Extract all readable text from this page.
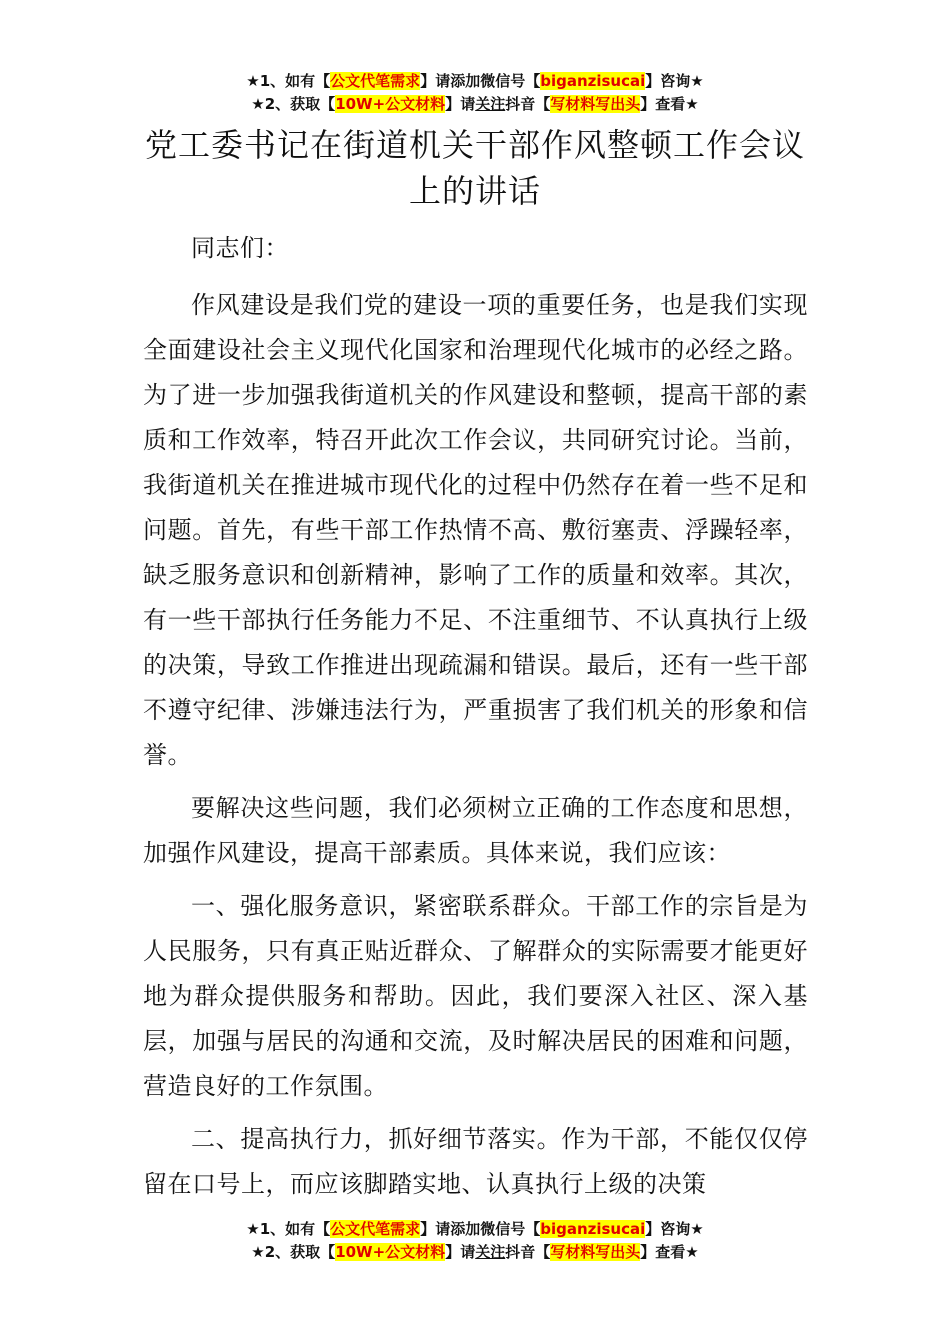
★1、如有【公文代笔需求】请添加微信号【biganzisucai】咨询★
★2、获取【10W+公文材料】请关注抖音【写材料写出头】查看★
党工委书记在街道机关干部作风整顿工作会议上的讲话

同志们：

作风建设是我们党的建设一项的重要任务，也是我们实现全面建设社会主义现代化国家和治理现代化城市的必经之路。为了进一步加强我街道机关的作风建设和整顿，提高干部的素质和工作效率，特召开此次工作会议，共同研究讨论。当前，我街道机关在推进城市现代化的过程中仍然存在着一些不足和问题。首先，有些干部工作热情不高、敷衍塞责、浮躁轻率，缺乏服务意识和创新精神，影响了工作的质量和效率。其次，有一些干部执行任务能力不足、不注重细节、不认真执行上级的决策，导致工作推进出现疏漏和错误。最后，还有一些干部不遵守纪律、涉嫌违法行为，严重损害了我们机关的形象和信誉。

要解决这些问题，我们必须树立正确的工作态度和思想，加强作风建设，提高干部素质。具体来说，我们应该：

一、强化服务意识，紧密联系群众。干部工作的宗旨是为人民服务，只有真正贴近群众、了解群众的实际需要才能更好地为群众提供服务和帮助。因此，我们要深入社区、深入基层，加强与居民的沟通和交流，及时解决居民的困难和问题，营造良好的工作氛围。

二、提高执行力，抓好细节落实。作为干部，不能仅仅停留在口号上，而应该脚踏实地、认真执行上级的决策

★1、如有【公文代笔需求】请添加微信号【biganzisucai】咨询★
★2、获取【10W+公文材料】请关注抖音【写材料写出头】查看★
